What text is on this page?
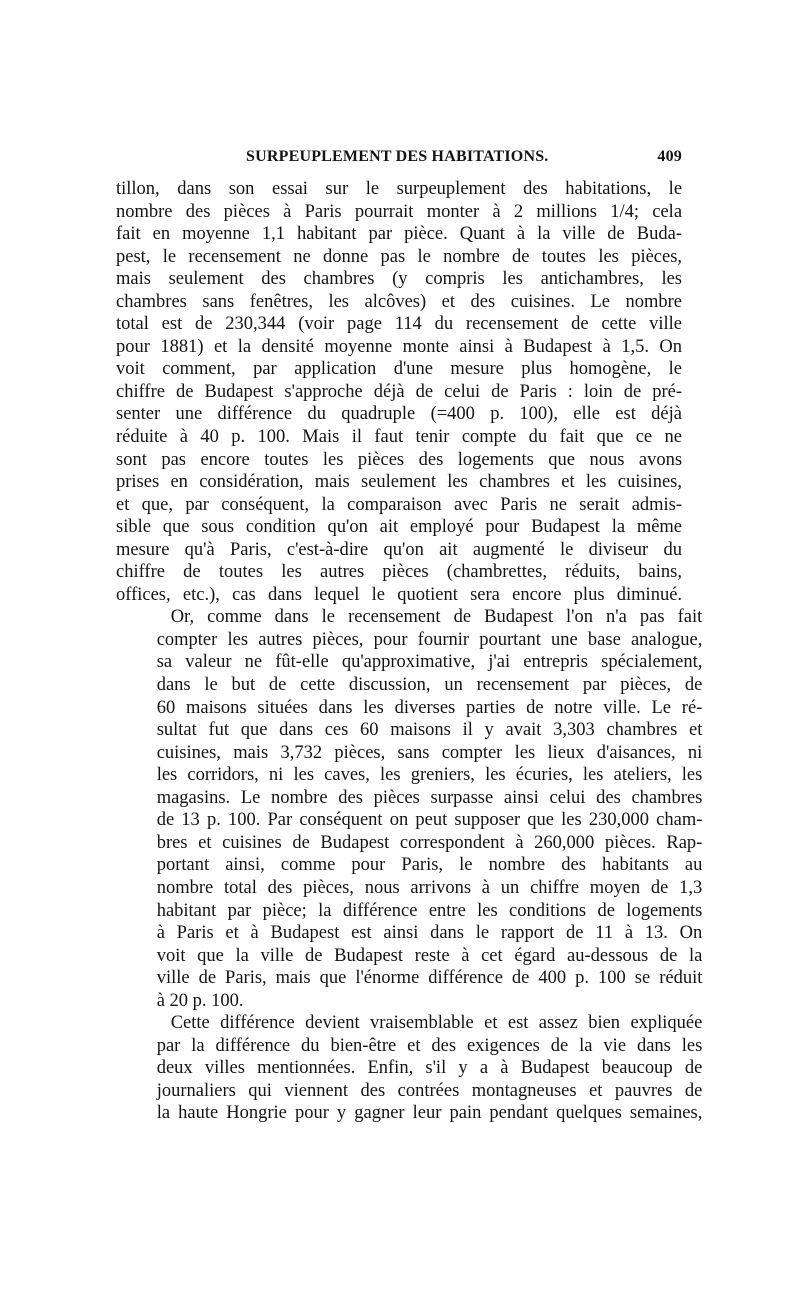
SURPEUPLEMENT DES HABITATIONS.	409

tillon, dans son essai sur le surpeuplement des habitations, le
nombre des pièces à Paris pourrait monter à 2 millions 1/4; cela
fait en moyenne 1,1 habitant par pièce. Quant à la ville de Buda-
pest, le recensement ne donne pas le nombre de toutes les pièces,
mais seulement des chambres (y compris les antichambres, les
chambres sans fenêtres, les alcôves) et des cuisines. Le nombre
total est de 230,344 (voir page 114 du recensement de cette ville
pour 1881) et la densité moyenne monte ainsi à Budapest à 1,5. On
voit comment, par application d'une mesure plus homogène, le
chiffre de Budapest s'approche déjà de celui de Paris : loin de pré-
senter une différence du quadruple (=400 p. 100), elle est déjà
réduite à 40 p. 100. Mais il faut tenir compte du fait que ce ne
sont pas encore toutes les pièces des logements que nous avons
prises en considération, mais seulement les chambres et les cuisines,
et que, par conséquent, la comparaison avec Paris ne serait admis-
sible que sous condition qu'on ait employé pour Budapest la même
mesure qu'à Paris, c'est-à-dire qu'on ait augmenté le diviseur du
chiffre de toutes les autres pièces (chambrettes, réduits, bains,
offices, etc.), cas dans lequel le quotient sera encore plus diminué.

Or, comme dans le recensement de Budapest l'on n'a pas fait
compter les autres pièces, pour fournir pourtant une base analogue,
sa valeur ne fût-elle qu'approximative, j'ai entrepris spécialement,
dans le but de cette discussion, un recensement par pièces, de
60 maisons situées dans les diverses parties de notre ville. Le ré-
sultat fut que dans ces 60 maisons il y avait 3,303 chambres et
cuisines, mais 3,732 pièces, sans compter les lieux d'aisances, ni
les corridors, ni les caves, les greniers, les écuries, les ateliers, les
magasins. Le nombre des pièces surpasse ainsi celui des chambres
de 13 p. 100. Par conséquent on peut supposer que les 230,000 cham-
bres et cuisines de Budapest correspondent à 260,000 pièces. Rap-
portant ainsi, comme pour Paris, le nombre des habitants au
nombre total des pièces, nous arrivons à un chiffre moyen de 1,3
habitant par pièce; la différence entre les conditions de logements
à Paris et à Budapest est ainsi dans le rapport de 11 à 13. On
voit que la ville de Budapest reste à cet égard au-dessous de la
ville de Paris, mais que l'énorme différence de 400 p. 100 se réduit
à 20 p. 100.

Cette différence devient vraisemblable et est assez bien expliquée
par la différence du bien-être et des exigences de la vie dans les
deux villes mentionnées. Enfin, s'il y a à Budapest beaucoup de
journaliers qui viennent des contrées montagneuses et pauvres de
la haute Hongrie pour y gagner leur pain pendant quelques semaines,
